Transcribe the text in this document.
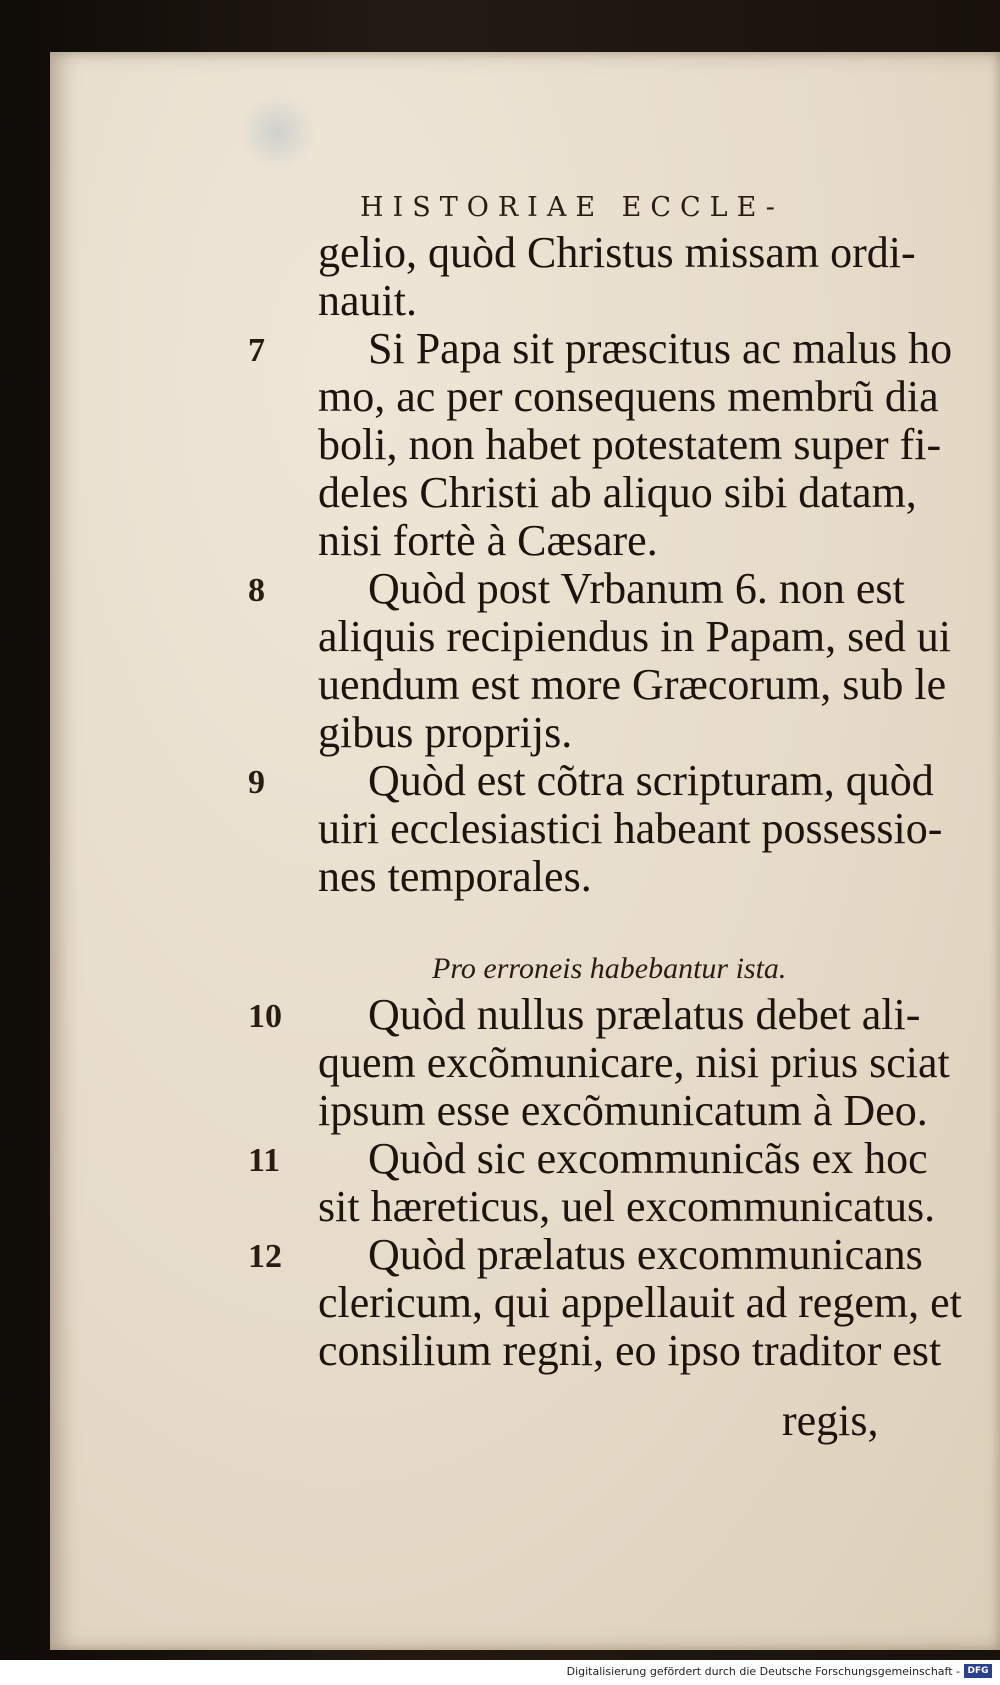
HISTORIAE ECCLE-
gelio, quòd Christus missam ordi-
nauit.
Si Papa sit præscitus ac malus ho
7
mo, ac per consequens membrũ dia
boli, non habet potestatem super fi-
deles Christi ab aliquo sibi datam,
nisi fortè à Cæsare.
Quòd post Vrbanum 6. non est
8
aliquis recipiendus in Papam, sed ui
uendum est more Græcorum, sub le
gibus proprijs.
Quòd est cõtra scripturam, quòd
9
uiri ecclesiastici habeant possessio-
nes temporales.
Quòd nullus prælatus debet ali-
10
quem excõmunicare, nisi prius sciat
ipsum esse excõmunicatum à Deo.
Quòd sic excommunicãs ex hoc
11
sit hæreticus, uel excommunicatus.
Quòd prælatus excommunicans
12
clericum, qui appellauit ad regem, et
consilium regni, eo ipso traditor est
Pro erroneis habebantur ista.
regis,
Digitalisierung gefördert durch die Deutsche Forschungsgemeinschaft - DFG
